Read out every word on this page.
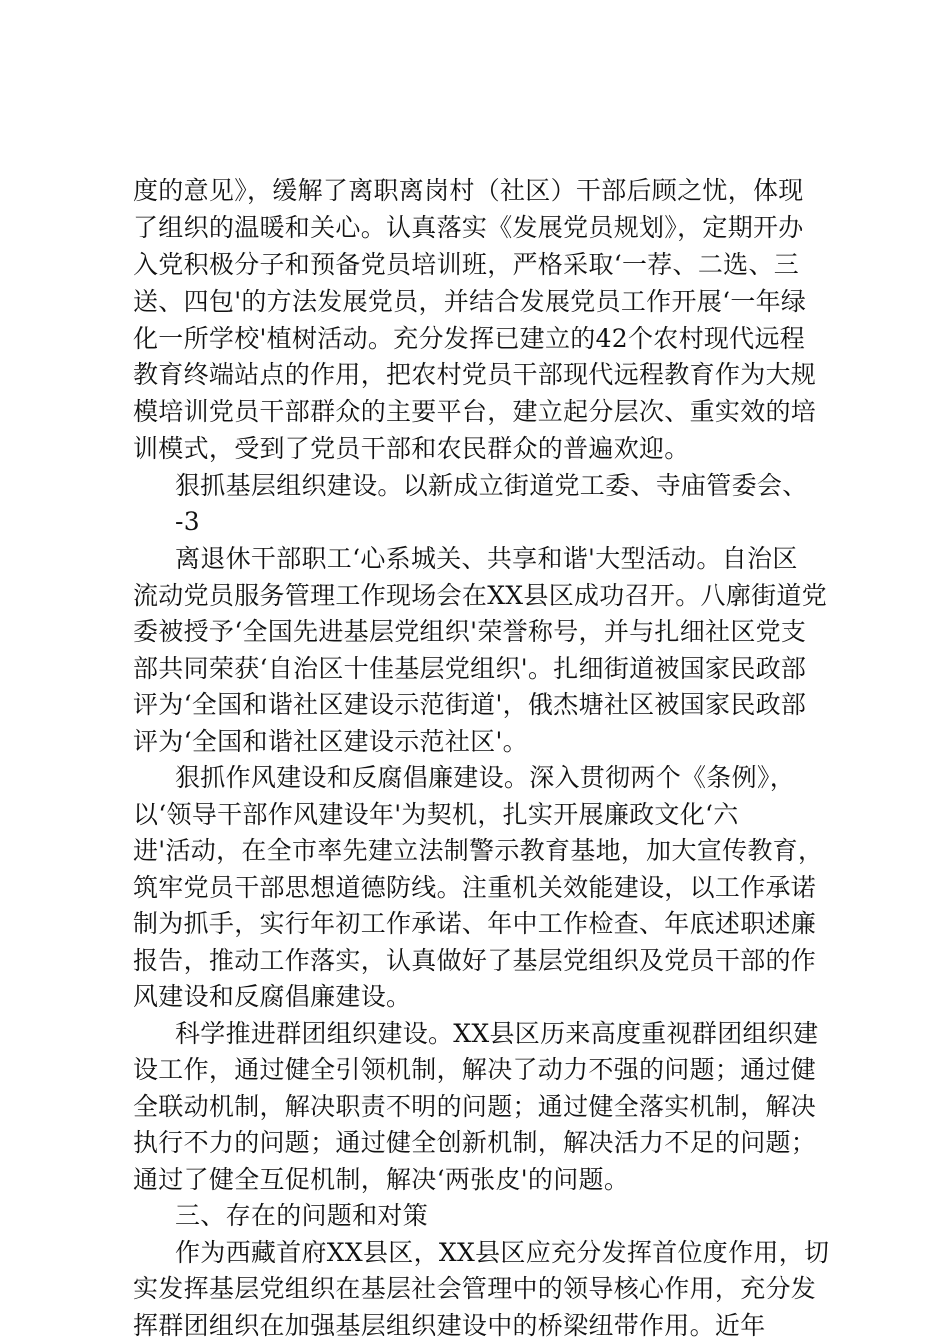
度的意见》，缓解了离职离岗村（社区）干部后顾之忧，体现
了组织的温暖和关心。认真落实《发展党员规划》，定期开办
入党积极分子和预备党员培训班，严格采取‘一荐、二选、三
送、四包'的方法发展党员，并结合发展党员工作开展‘一年绿
化一所学校'植树活动。充分发挥已建立的42个农村现代远程
教育终端站点的作用，把农村党员干部现代远程教育作为大规
模培训党员干部群众的主要平台，建立起分层次、重实效的培
训模式，受到了党员干部和农民群众的普遍欢迎。
狠抓基层组织建设。以新成立街道党工委、寺庙管委会、
-3
离退休干部职工‘心系城关、共享和谐'大型活动。自治区
流动党员服务管理工作现场会在XX县区成功召开。八廓街道党
委被授予‘全国先进基层党组织'荣誉称号，并与扎细社区党支
部共同荣获‘自治区十佳基层党组织'。扎细街道被国家民政部
评为‘全国和谐社区建设示范街道'，俄杰塘社区被国家民政部
评为‘全国和谐社区建设示范社区'。
狠抓作风建设和反腐倡廉建设。深入贯彻两个《条例》，
以‘领导干部作风建设年'为契机，扎实开展廉政文化‘六
进'活动，在全市率先建立法制警示教育基地，加大宣传教育，
筑牢党员干部思想道德防线。注重机关效能建设，以工作承诺
制为抓手，实行年初工作承诺、年中工作检查、年底述职述廉
报告，推动工作落实，认真做好了基层党组织及党员干部的作
风建设和反腐倡廉建设。
科学推进群团组织建设。XX县区历来高度重视群团组织建
设工作，通过健全引领机制，解决了动力不强的问题；通过健
全联动机制，解决职责不明的问题；通过健全落实机制，解决
执行不力的问题；通过健全创新机制，解决活力不足的问题；
通过了健全互促机制，解决‘两张皮'的问题。
三、存在的问题和对策
作为西藏首府XX县区，XX县区应充分发挥首位度作用，切
实发挥基层党组织在基层社会管理中的领导核心作用，充分发
挥群团组织在加强基层组织建设中的桥梁纽带作用。近年
